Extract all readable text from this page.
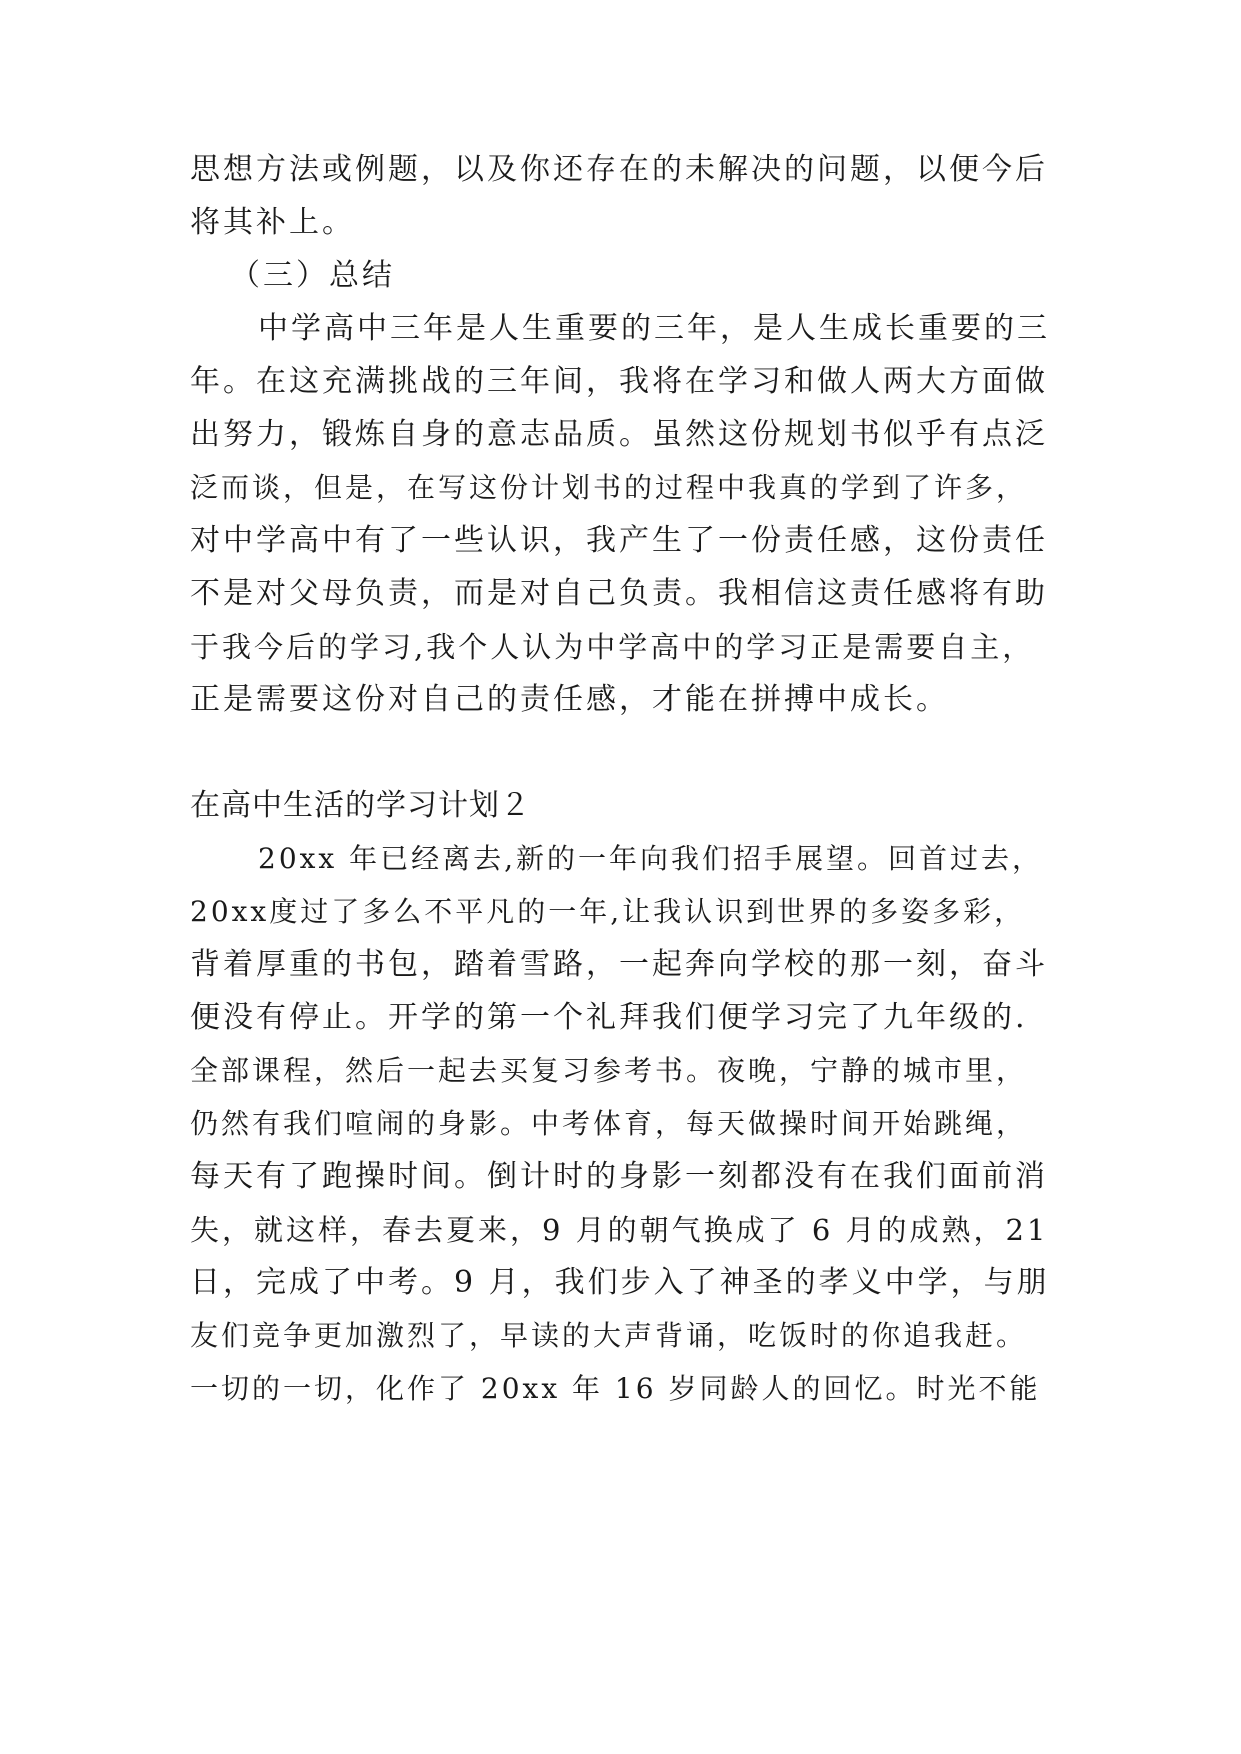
思想方法或例题，以及你还存在的未解决的问题，以便今后
将其补上。
（三）总结
中学高中三年是人生重要的三年，是人生成长重要的三
年。在这充满挑战的三年间，我将在学习和做人两大方面做
出努力，锻炼自身的意志品质。虽然这份规划书似乎有点泛
泛而谈，但是，在写这份计划书的过程中我真的学到了许多，
对中学高中有了一些认识，我产生了一份责任感，这份责任
不是对父母负责，而是对自己负责。我相信这责任感将有助
于我今后的学习,我个人认为中学高中的学习正是需要自主，
正是需要这份对自己的责任感，才能在拼搏中成长。
在高中生活的学习计划２
20xx 年已经离去,新的一年向我们招手展望。回首过去，
20xx度过了多么不平凡的一年,让我认识到世界的多姿多彩，
背着厚重的书包，踏着雪路，一起奔向学校的那一刻，奋斗
便没有停止。开学的第一个礼拜我们便学习完了九年级的.
全部课程，然后一起去买复习参考书。夜晚，宁静的城市里，
仍然有我们喧闹的身影。中考体育，每天做操时间开始跳绳，
每天有了跑操时间。倒计时的身影一刻都没有在我们面前消
失，就这样，春去夏来，9 月的朝气换成了 6 月的成熟，21
日，完成了中考。9 月，我们步入了神圣的孝义中学，与朋
友们竞争更加激烈了，早读的大声背诵，吃饭时的你追我赶。
一切的一切，化作了 20xx 年 16 岁同龄人的回忆。时光不能
